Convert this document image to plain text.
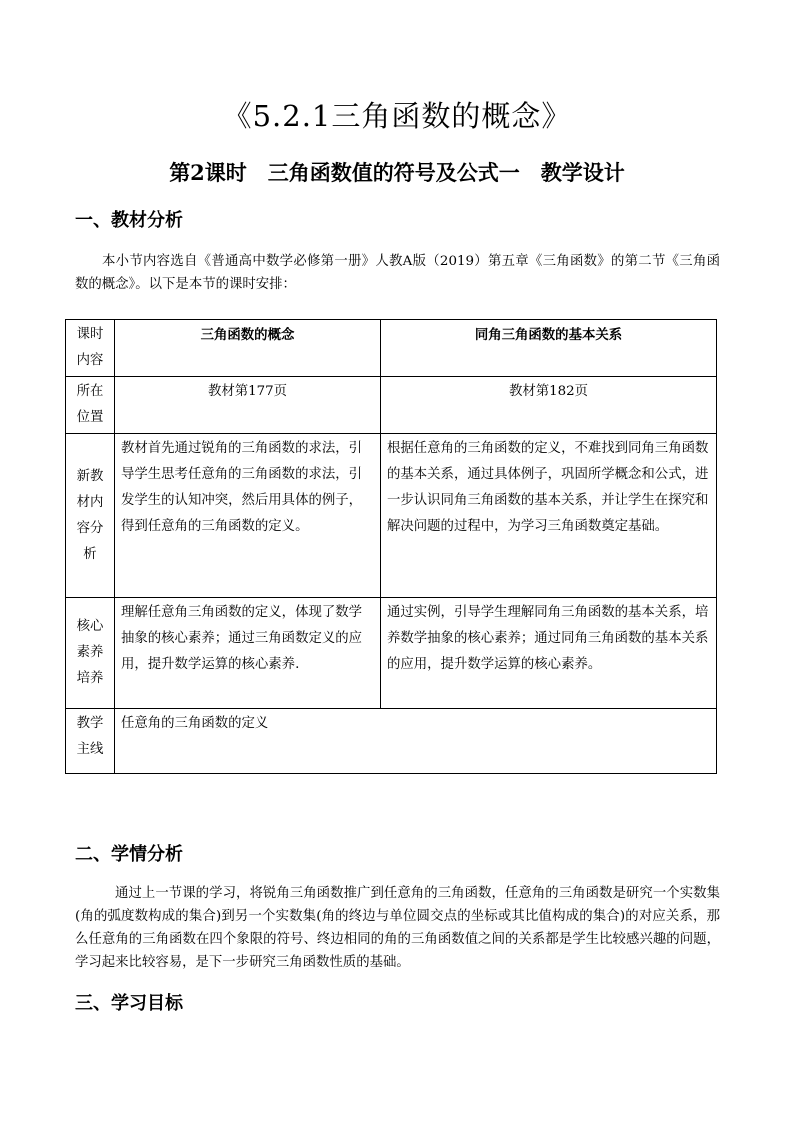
《5.2.1三角函数的概念》
第2课时　三角函数值的符号及公式一　教学设计
一、教材分析
本小节内容选自《普通高中数学必修第一册》人教A版（2019）第五章《三角函数》的第二节《三角函数的概念》。以下是本节的课时安排：
课时内容	三角函数的概念	同角三角函数的基本关系
所在位置	教材第177页	教材第182页
新教材内容分析	教材首先通过锐角的三角函数的求法，引导学生思考任意角的三角函数的求法，引发学生的认知冲突，然后用具体的例子，得到任意角的三角函数的定义。	根据任意角的三角函数的定义，不难找到同角三角函数的基本关系，通过具体例子，巩固所学概念和公式，进一步认识同角三角函数的基本关系，并让学生在探究和解决问题的过程中，为学习三角函数奠定基础。
核心素养培养	理解任意角三角函数的定义，体现了数学抽象的核心素养；通过三角函数定义的应用，提升数学运算的核心素养.	通过实例，引导学生理解同角三角函数的基本关系，培养数学抽象的核心素养；通过同角三角函数的基本关系的应用，提升数学运算的核心素养。
教学主线	任意角的三角函数的定义	
二、学情分析
通过上一节课的学习，将锐角三角函数推广到任意角的三角函数，任意角的三角函数是研究一个实数集(角的弧度数构成的集合)到另一个实数集(角的终边与单位圆交点的坐标或其比值构成的集合)的对应关系，那么任意角的三角函数在四个象限的符号、终边相同的角的三角函数值之间的关系都是学生比较感兴趣的问题，学习起来比较容易，是下一步研究三角函数性质的基础。
三、学习目标
